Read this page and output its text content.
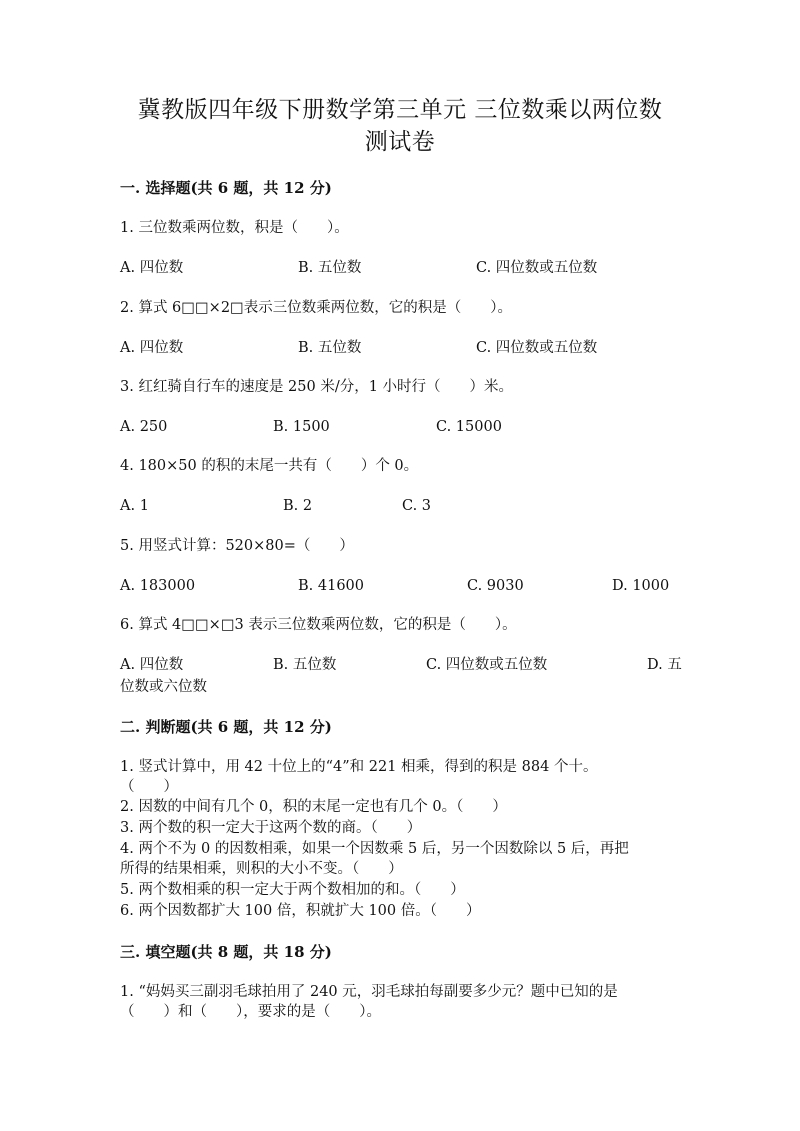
冀教版四年级下册数学第三单元 三位数乘以两位数
测试卷
一. 选择题(共 6 题，共 12 分)
1. 三位数乘两位数，积是（　　）。
A. 四位数	B. 五位数	C. 四位数或五位数
2. 算式 6□□×2□表示三位数乘两位数，它的积是（　　）。
A. 四位数	B. 五位数	C. 四位数或五位数
3. 红红骑自行车的速度是 250 米/分，1 小时行（　　）米。
A. 250	B. 1500	C. 15000
4. 180×50 的积的末尾一共有（　　）个 0。
A. 1	B. 2	C. 3
5. 用竖式计算：520×80=（　　）
A. 183000	B. 41600	C. 9030	D. 1000
6. 算式 4□□×□3 表示三位数乘两位数，它的积是（　　）。
A. 四位数	B. 五位数	C. 四位数或五位数	D. 五
位数或六位数
二. 判断题(共 6 题，共 12 分)
1. 竖式计算中，用 42 十位上的“4”和 221 相乘，得到的积是 884 个十。
（　　）
2. 因数的中间有几个 0，积的末尾一定也有几个 0。（　　）
3. 两个数的积一定大于这两个数的商。（　　）
4. 两个不为 0 的因数相乘，如果一个因数乘 5 后，另一个因数除以 5 后，再把
所得的结果相乘，则积的大小不变。（　　）
5. 两个数相乘的积一定大于两个数相加的和。（　　）
6. 两个因数都扩大 100 倍，积就扩大 100 倍。（　　）
三. 填空题(共 8 题，共 18 分)
1. “妈妈买三副羽毛球拍用了 240 元，羽毛球拍每副要多少元？题中已知的是
（　　）和（　　），要求的是（　　）。
